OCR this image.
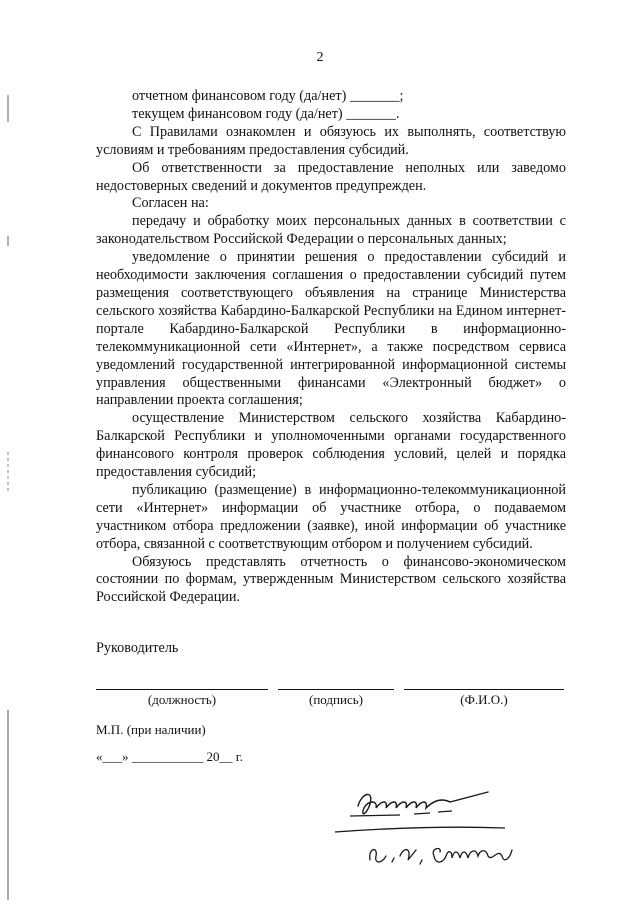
2

отчетном финансовом году (да/нет) _______;

текущем финансовом году (да/нет) _______.

С Правилами ознакомлен и обязуюсь их выполнять, соответствую условиям и требованиям предоставления субсидий.

Об ответственности за предоставление неполных или заведомо недостоверных сведений и документов предупрежден.

Согласен на:

передачу и обработку моих персональных данных в соответствии с законодательством Российской Федерации о персональных данных;

уведомление о принятии решения о предоставлении субсидий и необходимости заключения соглашения о предоставлении субсидий путем размещения соответствующего объявления на странице Министерства сельского хозяйства Кабардино-Балкарской Республики на Едином интернет-портале Кабардино-Балкарской Республики в информационно-телекоммуникационной сети «Интернет», а также посредством сервиса уведомлений государственной интегрированной информационной системы управления общественными финансами «Электронный бюджет» о направлении проекта соглашения;

осуществление Министерством сельского хозяйства Кабардино-Балкарской Республики и уполномоченными органами государственного финансового контроля проверок соблюдения условий, целей и порядка предоставления субсидий;

публикацию (размещение) в информационно-телекоммуникационной сети «Интернет» информации об участнике отбора, о подаваемом участником отбора предложении (заявке), иной информации об участнике отбора, связанной с соответствующим отбором и получением субсидий.

Обязуюсь представлять отчетность о финансово-экономическом состоянии по формам, утвержденным Министерством сельского хозяйства Российской Федерации.

Руководитель
(должность)	(подпись)	(Ф.И.О.)
М.П. (при наличии)
«___» ___________ 20__ г.
